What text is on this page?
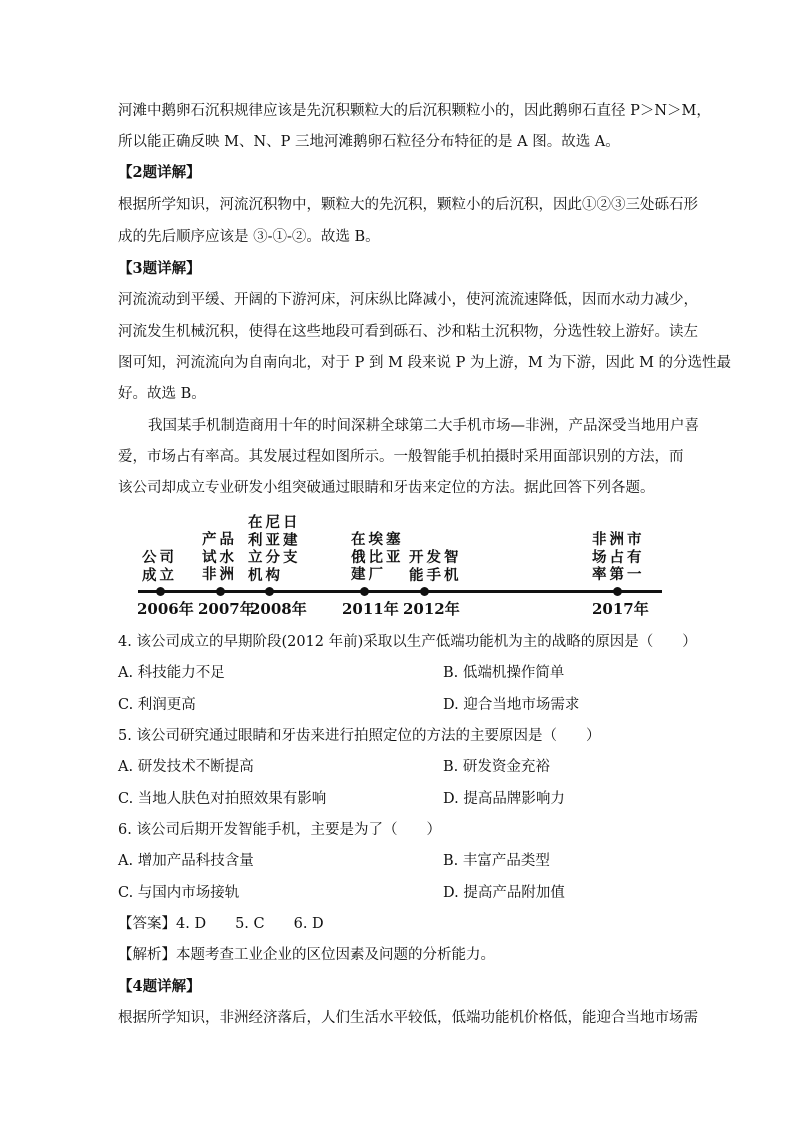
河滩中鹅卵石沉积规律应该是先沉积颗粒大的后沉积颗粒小的，因此鹅卵石直径 P＞N＞M，
所以能正确反映 M、N、P 三地河滩鹅卵石粒径分布特征的是 A 图。故选 A。
【2题详解】
根据所学知识，河流沉积物中，颗粒大的先沉积，颗粒小的后沉积，因此①②③三处砾石形
成的先后顺序应该是 ③-①-②。故选 B。
【3题详解】
河流流动到平缓、开阔的下游河床，河床纵比降减小，使河流流速降低，因而水动力减少，
河流发生机械沉积，使得在这些地段可看到砾石、沙和粘土沉积物，分选性较上游好。读左
图可知，河流流向为自南向北，对于 P 到 M 段来说 P 为上游，M 为下游，因此 M 的分选性最
好。故选 B。
我国某手机制造商用十年的时间深耕全球第二大手机市场—非洲，产品深受当地用户喜
爱，市场占有率高。其发展过程如图所示。一般智能手机拍摄时采用面部识别的方法，而
该公司却成立专业研发小组突破通过眼睛和牙齿来定位的方法。据此回答下列各题。
公司
成立
2006年
产品
试水
非洲
2007年
在尼日
利亚建
立分支
机构
2008年
在埃塞
俄比亚
建厂
2011年
开发智
能手机
2012年
非洲市
场占有
率第一
2017年
4. 该公司成立的早期阶段(2012 年前)采取以生产低端功能机为主的战略的原因是（　　）
A. 科技能力不足	B. 低端机操作简单
C. 利润更高	D. 迎合当地市场需求
5. 该公司研究通过眼睛和牙齿来进行拍照定位的方法的主要原因是（　　）
A. 研发技术不断提高	B. 研发资金充裕
C. 当地人肤色对拍照效果有影响	D. 提高品牌影响力
6. 该公司后期开发智能手机，主要是为了（　　）
A. 增加产品科技含量	B. 丰富产品类型
C. 与国内市场接轨	D. 提高产品附加值
【答案】4. D　　5. C　　6. D
【解析】本题考查工业企业的区位因素及问题的分析能力。
【4题详解】
根据所学知识，非洲经济落后，人们生活水平较低，低端功能机价格低，能迎合当地市场需
